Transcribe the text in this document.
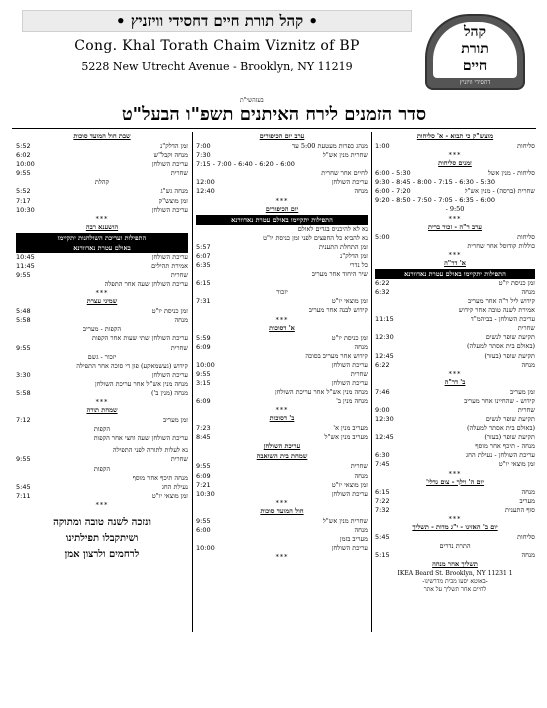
• קהל תורת חיים דחסידי וויזניץ •
Cong. Khal Torath Chaim Viznitz of BP
5228 New Utrecht Avenue - Brooklyn, NY 11219
קהל
תורת
חיים
דחסידי וויזניץ
בעזהשי"ת
סדר הזמנים לירח האיתנים תשפ"ו הבעל"ט
מוצש"ק כי תבוא - א' סליחות
סליחות
1:00
***
זמנים סליחות
סליחות - מנין אשל
6:00 - 5:30
9:30 - 8:45 - 8:00 - 7:15 - 6:30 - 5:30
שחרית (ברסה) - מנין אש"ל
6:00 - 7:20
9:20 - 8:50 - 7:50 - 7:05 - 6:35 - 6:00
9:50 -
***
ערב ר"ה - זכור ברית
סליחות
5:00
כוללות קודוסל אחר שחרית
***
א' דר"ה
התפילות יתקיימו באולם עטרת נאדוורנא
זמן כניסת יו"ט
6:22
מנחה
6:32
קידוש ליל ר"ה אחר מעריב
אמירת לשנה טובה אחר קידוש
עריכת השולחן - בביהמ"ד
11:15
שחרית
תקיעת שופר לנשים
12:30
(באולם בית אסתר למעלה)
תקיעת שופר (בעזר)
12:45
מנחה
6:22
***
ב' דר"ה
זמן מעריב
7:46
קידוש - שהחיינו אחר מעריב
שחרית
9:00
תקיעת שופר לנשים
12:30
(באולם בית אסתר למעלה)
תקיעת שופר (בעזר)
12:45
מנחה - תיכף אחר מוסף
עריכת השולחן - נעילת החג
6:30
זמן מוצאי יו"ט
7:45
***
יום ה' וילך - צום גדלי'
מנחה
6:15
מעריב
7:22
סוף התענית
7:32
***
יום ב' האזינו - י"ג מדות - תשליך
סליחות
5:45
התרת נדרים
מנחה
5:15
תשליך אחר מנחה
1 IKEA Beard St. Brooklyn, NY 11231
-באוטא יסעו מבית מדרשינו-
לחיים אחר תשליך על אתר
ערב יום הכיפורים
מנהג כפרות מעטעת 5:00 עד
7:00
שחרית מנין אש"ל
7:30
7:15 - 7:00 - 6:40 - 6:20 - 6:00
לחיים אחר שחרית
עריכת השולחן
12:00
מנחה
12:40
***
יום הכיפורים
התפילות יתקיימו באולם עטרת נאדוורנא
נא לא להיכניס בגדים לאולם
נא להביא כל החפצים לפני זמן כניסת יו"ט
זמן התחלת התענית
5:57
זמן הדלק"נ
6:07
כל נדרי
6:35
שיר היחוד אחר מעריב
6:15
יזכור
זמן מוצאי יו"ט
7:31
קידוש לבנה אחר מעריב
***
א' דסוכות
זמן כניסת יו"ט
5:59
מנחה
6:09
קידוש אחר מעריב בסוכה
עריכת השולחן
10:00
שחרית
9:55
עריכת השולחן
3:15
מנחה מנין אש"ל אחר עריכת השולחן
מנחה מנין ב'
6:09
***
ב' דסוכות
מעריב מנין א'
7:23
מעריב מנין אש"ל
8:45
עריכת השולחן
שמחת בית השואבה
שחרית
9:55
מנחה
6:09
זמן מוצאי יו"ט
7:21
עריכת השולחן
10:30
***
חול המועד סוכות
שחרית מנין אש"ל
9:55
מנחה
6:00
מעריב בזמן
עריכת השולחן
10:00
***
שבת חול המועד סוכות
זמן הדלק"נ
5:52
מנחה וקבל"ש
6:02
עריכת השולחן
10:00
שחרית
9:55
קהלת
מנחה גש"ג
5:52
זמן מוצש"ק
7:17
עריכת השולחן
10:30
***
הושענא רבה
התפילות ועריכת השולחנות יתקיימו
באולם עטרת נאדוורנא
עריכת השולחן
10:45
אמירת תהילים
11:45
שחרית
9:55
עריכת השולחן שעה אחר התפלה
***
שמיני עצרת
זמן כניסת יו"ט
5:48
מנחה
5:58
הקפות - מעריב
עריכת השולחן שתי שעות אחר הקפות
שחרית
9:55
יזכור - גשם
קידוש (געשמאקע) פון די סוכה אחר התפילה
עריכת השולחן
3:30
מנחה מנין אש"ל אחר עריכת השולחן
מנחה (מנין ב')
5:58
***
שמחת תורה
זמן מעריב
7:12
הקפות
עריכת השולחן שעה וחצי אחר הקפות
נא לעלות לתורה לפני התפילה
שחרית
9:55
הקפות
מנחה תיכף אחר מוסף
נעילת החג
5:45
זמן מוצאי יו"ט
7:11
***
ונזכה לשנה טובה ומתוקה
ושיתקבלו תפילתינו
לרחמים ולרצון אמן
